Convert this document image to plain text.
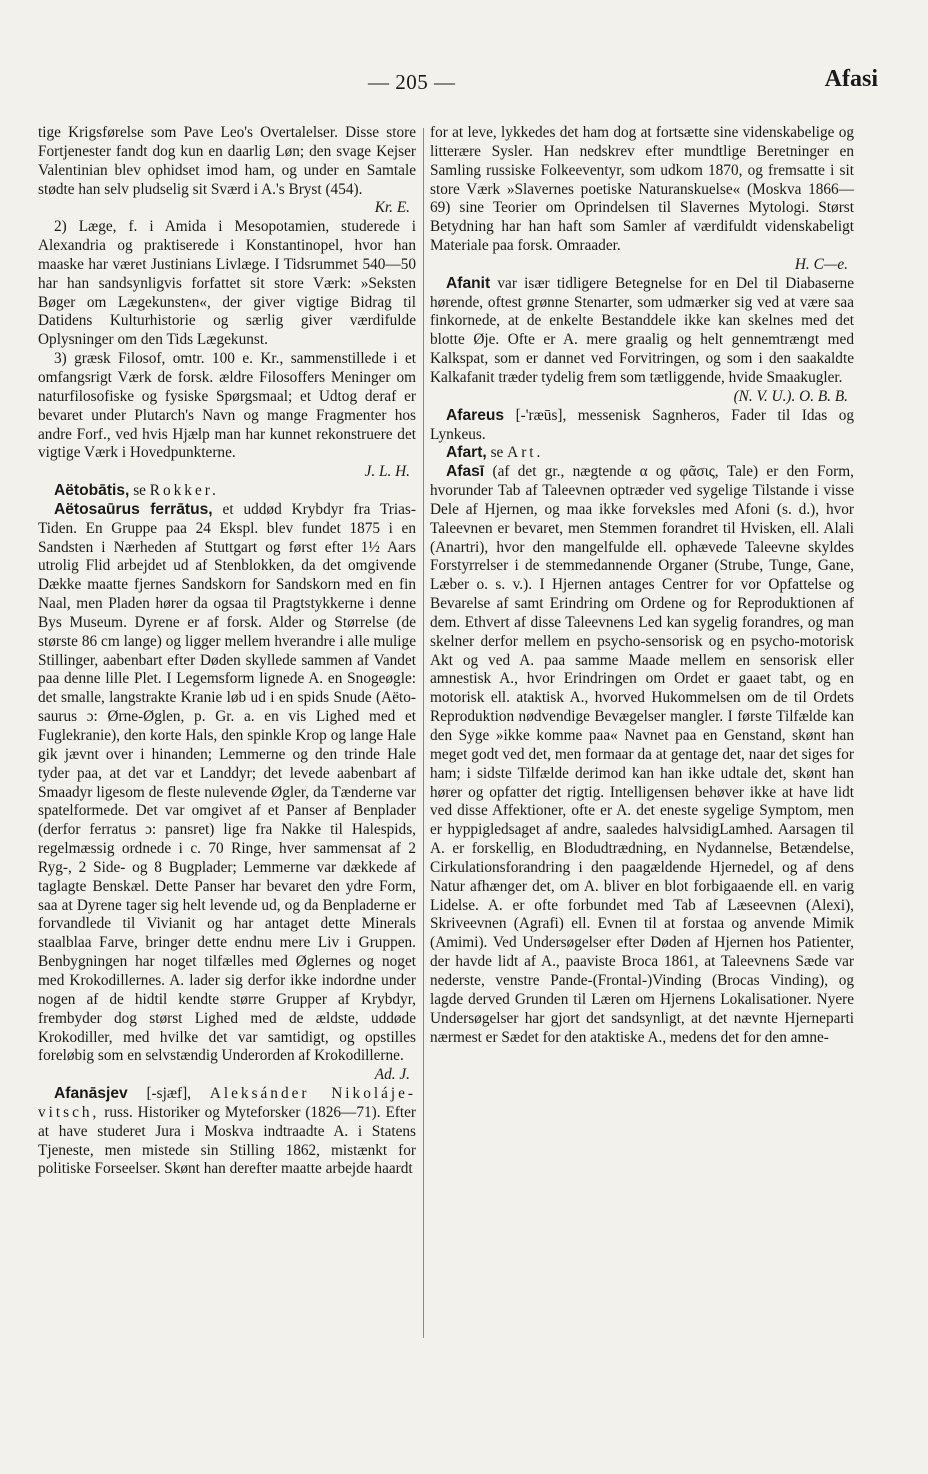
— 205 —	Afasi

tige Krigsførelse som Pave Leo's Overtalelser. Disse store Fortjenester fandt dog kun en daarlig Løn; den svage Kejser Valentinian blev ophidset imod ham, og under en Samtale stødte han selv pludselig sit Sværd i A.'s Bryst (454).

Kr. E.

2) Læge, f. i Amida i Mesopotamien, studerede i Alexandria og praktiserede i Konstantinopel, hvor han maaske har været Justinians Livlæge. I Tidsrummet 540—50 har han sandsynligvis forfattet sit store Værk: »Seksten Bøger om Lægekunsten«, der giver vigtige Bidrag til Datidens Kulturhistorie og særlig giver værdifulde Oplysninger om den Tids Lægekunst.

3) græsk Filosof, omtr. 100 e. Kr., sammenstillede i et omfangsrigt Værk de forsk. ældre Filosoffers Meninger om naturfilosofiske og fysiske Spørgsmaal; et Udtog deraf er bevaret under Plutarch's Navn og mange Fragmenter hos andre Forf., ved hvis Hjælp man har kunnet rekonstruere det vigtige Værk i Hovedpunkterne.

J. L. H.

Aëtobātis, se Rokker.

Aëtosaūrus ferrātus, et uddød Krybdyr fra Trias-Tiden. En Gruppe paa 24 Ekspl. blev fundet 1875 i en Sandsten i Nærheden af Stuttgart og først efter 1½ Aars utrolig Flid arbejdet ud af Stenblokken, da det omgivende Dække maatte fjernes Sandskorn for Sandskorn med en fin Naal, men Pladen hører da ogsaa til Pragtstykkerne i denne Bys Museum. Dyrene er af forsk. Alder og Størrelse (de største 86 cm lange) og ligger mellem hverandre i alle mulige Stillinger, aabenbart efter Døden skyllede sammen af Vandet paa denne lille Plet. I Legemsform lignede A. en Snogeøgle: det smalle, langstrakte Kranie løb ud i en spids Snude (Aëto-saurus ɔ: Ørne-Øglen, p. Gr. a. en vis Lighed med et Fuglekranie), den korte Hals, den spinkle Krop og lange Hale gik jævnt over i hinanden; Lemmerne og den trinde Hale tyder paa, at det var et Landdyr; det levede aabenbart af Smaadyr ligesom de fleste nulevende Øgler, da Tænderne var spatelformede. Det var omgivet af et Panser af Benplader (derfor ferratus ɔ: pansret) lige fra Nakke til Halespids, regelmæssig ordnede i c. 70 Ringe, hver sammensat af 2 Ryg-, 2 Side- og 8 Bugplader; Lemmerne var dækkede af taglagte Benskæl. Dette Panser har bevaret den ydre Form, saa at Dyrene tager sig helt levende ud, og da Benpladerne er forvandlede til Vivianit og har antaget dette Minerals staalblaa Farve, bringer dette endnu mere Liv i Gruppen. Benbygningen har noget tilfælles med Øglernes og noget med Krokodillernes. A. lader sig derfor ikke indordne under nogen af de hidtil kendte større Grupper af Krybdyr, frembyder dog størst Lighed med de ældste, uddøde Krokodiller, med hvilke det var samtidigt, og opstilles foreløbig som en selvstændig Underorden af Krokodillerne.

Ad. J.

Afanāsjev [-sjæf], Aleksánder Nikoláje-vitsch, russ. Historiker og Myteforsker (1826—71). Efter at have studeret Jura i Moskva indtraadte A. i Statens Tjeneste, men mistede sin Stilling 1862, mistænkt for politiske Forseelser. Skønt han derefter maatte arbejde haardt

for at leve, lykkedes det ham dog at fortsætte sine videnskabelige og litterære Sysler. Han nedskrev efter mundtlige Beretninger en Samling russiske Folkeeventyr, som udkom 1870, og fremsatte i sit store Værk »Slavernes poetiske Naturanskuelse« (Moskva 1866—69) sine Teorier om Oprindelsen til Slavernes Mytologi. Størst Betydning har han haft som Samler af værdifuldt videnskabeligt Materiale paa forsk. Omraader.

H. C—e.

Afanit var især tidligere Betegnelse for en Del til Diabaserne hørende, oftest grønne Stenarter, som udmærker sig ved at være saa finkornede, at de enkelte Bestanddele ikke kan skelnes med det blotte Øje. Ofte er A. mere graalig og helt gennemtrængt med Kalkspat, som er dannet ved Forvitringen, og som i den saakaldte Kalkafanit træder tydelig frem som tætliggende, hvide Smaakugler.

(N. V. U.). O. B. B.

Afareus [-'ræūs], messenisk Sagnheros, Fader til Idas og Lynkeus.

Afart, se Art.

Afasī (af det gr., nægtende α og φᾶσις, Tale) er den Form, hvorunder Tab af Taleevnen optræder ved sygelige Tilstande i visse Dele af Hjernen, og maa ikke forveksles med Afoni (s. d.), hvor Taleevnen er bevaret, men Stemmen forandret til Hvisken, ell. Alali (Anartri), hvor den mangelfulde ell. ophævede Taleevne skyldes Forstyrrelser i de stemmedannende Organer (Strube, Tunge, Gane, Læber o. s. v.). I Hjernen antages Centrer for vor Opfattelse og Bevarelse af samt Erindring om Ordene og for Reproduktionen af dem. Ethvert af disse Taleevnens Led kan sygelig forandres, og man skelner derfor mellem en psycho-sensorisk og en psycho-motorisk Akt og ved A. paa samme Maade mellem en sensorisk eller amnestisk A., hvor Erindringen om Ordet er gaaet tabt, og en motorisk ell. ataktisk A., hvorved Hukommelsen om de til Ordets Reproduktion nødvendige Bevægelser mangler. I første Tilfælde kan den Syge »ikke komme paa« Navnet paa en Genstand, skønt han meget godt ved det, men formaar da at gentage det, naar det siges for ham; i sidste Tilfælde derimod kan han ikke udtale det, skønt han hører og opfatter det rigtig. Intelligensen behøver ikke at have lidt ved disse Affektioner, ofte er A. det eneste sygelige Symptom, men er hyppigledsaget af andre, saaledes halvsidigLamhed. Aarsagen til A. er forskellig, en Blodudtrædning, en Nydannelse, Betændelse, Cirkulationsforandring i den paagældende Hjernedel, og af dens Natur afhænger det, om A. bliver en blot forbigaaende ell. en varig Lidelse. A. er ofte forbundet med Tab af Læseevnen (Alexi), Skriveevnen (Agrafi) ell. Evnen til at forstaa og anvende Mimik (Amimi). Ved Undersøgelser efter Døden af Hjernen hos Patienter, der havde lidt af A., paaviste Broca 1861, at Taleevnens Sæde var nederste, venstre Pande-(Frontal-)Vinding (Brocas Vinding), og lagde derved Grunden til Læren om Hjernens Lokalisationer. Nyere Undersøgelser har gjort det sandsynligt, at det nævnte Hjerneparti nærmest er Sædet for den ataktiske A., medens det for den amne-
